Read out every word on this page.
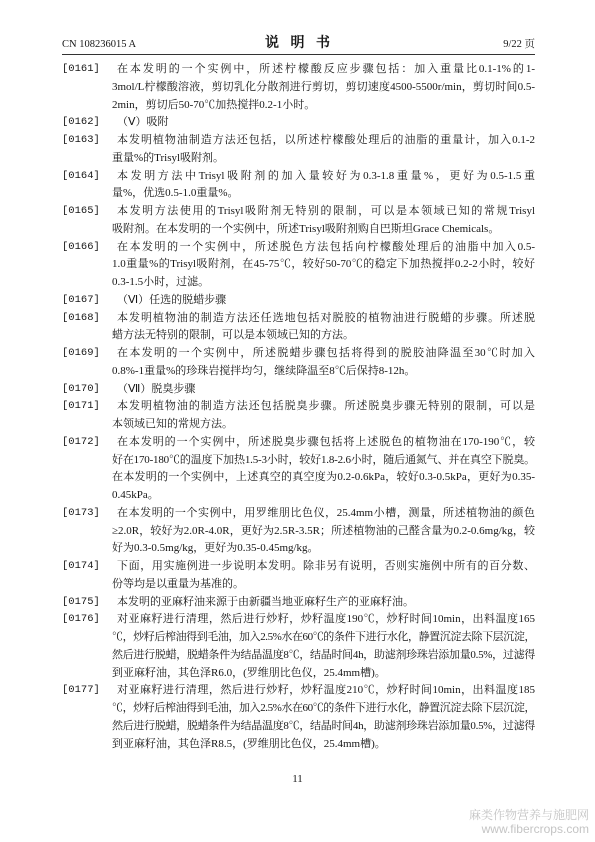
CN 108236015 A	说 明 书	9/22 页
[0161]	在本发明的一个实例中，所述柠檬酸反应步骤包括：加入重量比0.1-1%的1-
3mol/L柠檬酸溶液，剪切乳化分散剂进行剪切，剪切速度4500-5500r/min，剪切时间0.5-
2min，剪切后50-70℃加热搅拌0.2-1小时。
[0162]	（Ⅴ）吸附
[0163]	本发明植物油制造方法还包括，以所述柠檬酸处理后的油脂的重量计，加入0.1-2
重量%的Trisyl吸附剂。
[0164]	本发明方法中Trisyl吸附剂的加入量较好为0.3-1.8重量%，更好为0.5-1.5重
量%，优选0.5-1.0重量%。
[0165]	本发明方法使用的Trisyl吸附剂无特别的限制，可以是本领域已知的常规Trisyl
吸附剂。在本发明的一个实例中，所述Trisyl吸附剂购自巴斯坦Grace Chemicals。
[0166]	在本发明的一个实例中，所述脱色方法包括向柠檬酸处理后的油脂中加入0.5-
1.0重量%的Trisyl吸附剂，在45-75℃，较好50-70℃的稳定下加热搅拌0.2-2小时，较好
0.3-1.5小时，过滤。
[0167]	（Ⅵ）任选的脱蜡步骤
[0168]	本发明植物油的制造方法还任选地包括对脱胶的植物油进行脱蜡的步骤。所述脱
蜡方法无特别的限制，可以是本领域已知的方法。
[0169]	在本发明的一个实例中，所述脱蜡步骤包括将得到的脱胶油降温至30℃时加入
0.8%-1重量%的珍珠岩搅拌均匀，继续降温至8℃后保持8-12h。
[0170]	（Ⅶ）脱臭步骤
[0171]	本发明植物油的制造方法还包括脱臭步骤。所述脱臭步骤无特别的限制，可以是
本领域已知的常规方法。
[0172]	在本发明的一个实例中，所述脱臭步骤包括将上述脱色的植物油在170-190℃，较
好在170-180℃的温度下加热1.5-3小时，较好1.8-2.6小时，随后通氮气、并在真空下脱臭。
在本发明的一个实例中，上述真空的真空度为0.2-0.6kPa，较好0.3-0.5kPa，更好为0.35-
0.45kPa。
[0173]	在本发明的一个实例中，用罗维朋比色仪，25.4mm小槽，测量，所述植物油的颜色
≥2.0R，较好为2.0R-4.0R，更好为2.5R-3.5R；所述植物油的己醛含量为0.2-0.6mg/kg，较
好为0.3-0.5mg/kg，更好为0.35-0.45mg/kg。
[0174]	下面，用实施例进一步说明本发明。除非另有说明，否则实施例中所有的百分数、
份等均是以重量为基准的。
[0175]	本发明的亚麻籽油来源于由新疆当地亚麻籽生产的亚麻籽油。
[0176]	对亚麻籽进行清理，然后进行炒籽，炒籽温度190℃，炒籽时间10min，出料温度165
℃，炒籽后榨油得到毛油，加入2.5%水在60℃的条件下进行水化，静置沉淀去除下层沉淀，
然后进行脱蜡，脱蜡条件为结晶温度8℃，结晶时间4h，助滤剂珍珠岩添加量0.5%，过滤得
到亚麻籽油，其色泽R6.0，(罗维朋比色仪，25.4mm槽)。
[0177]	对亚麻籽进行清理，然后进行炒籽，炒籽温度210℃，炒籽时间10min，出料温度185
℃，炒籽后榨油得到毛油，加入2.5%水在60℃的条件下进行水化，静置沉淀去除下层沉淀，
然后进行脱蜡，脱蜡条件为结晶温度8℃，结晶时间4h，助滤剂珍珠岩添加量0.5%，过滤得
到亚麻籽油，其色泽R8.5，(罗维朋比色仪，25.4mm槽)。
11
麻类作物营养与施肥网
www.fibercrops.com
